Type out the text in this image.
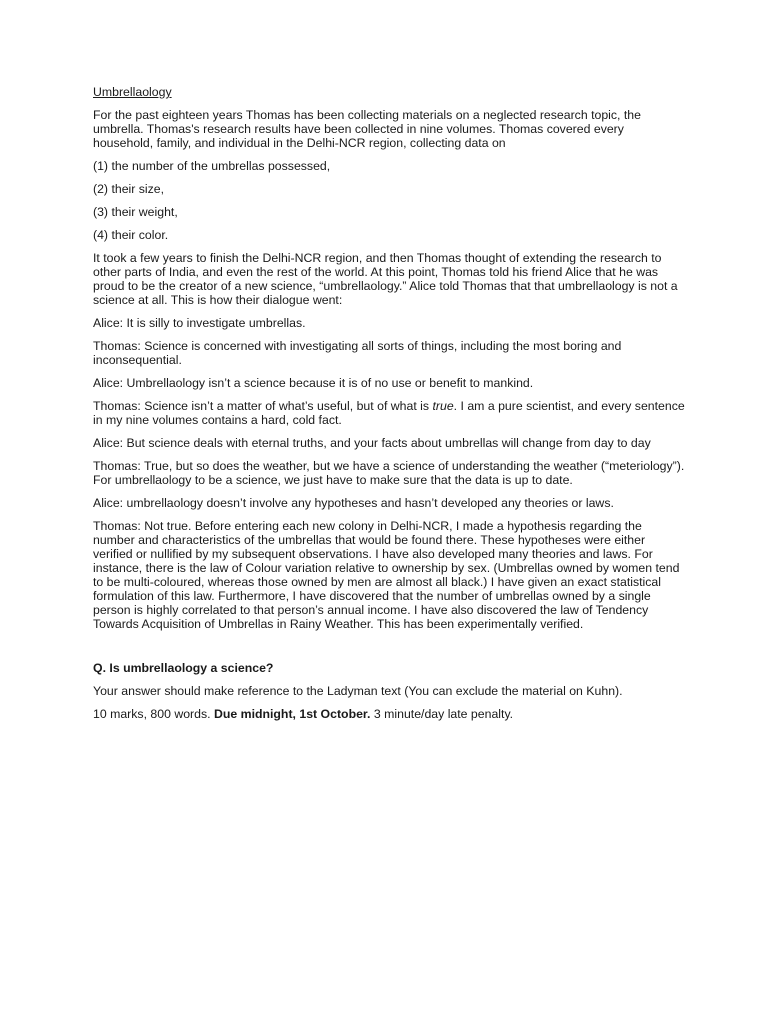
Umbrellaology

For the past eighteen years Thomas has been collecting materials on a neglected research topic, the umbrella. Thomas's research results have been collected in nine volumes. Thomas covered every household, family, and individual in the Delhi-NCR region, collecting data on

(1) the number of the umbrellas possessed,

(2) their size,

(3) their weight,

(4) their color.

It took a few years to finish the Delhi-NCR region, and then Thomas thought of extending the research to other parts of India, and even the rest of the world. At this point, Thomas told his friend Alice that he was proud to be the creator of a new science, “umbrellaology.” Alice told Thomas that that umbrellaology is not a science at all. This is how their dialogue went:

Alice: It is silly to investigate umbrellas.

Thomas: Science is concerned with investigating all sorts of things, including the most boring and inconsequential.

Alice: Umbrellaology isn’t a science because it is of no use or benefit to mankind.

Thomas: Science isn’t a matter of what’s useful, but of what is true. I am a pure scientist, and every sentence in my nine volumes contains a hard, cold fact.

Alice: But science deals with eternal truths, and your facts about umbrellas will change from day to day

Thomas: True, but so does the weather, but we have a science of understanding the weather (“meteriology”). For umbrellaology to be a science, we just have to make sure that the data is up to date.

Alice: umbrellaology doesn’t involve any hypotheses and hasn’t developed any theories or laws.

Thomas: Not true. Before entering each new colony in Delhi-NCR, I made a hypothesis regarding the number and characteristics of the umbrellas that would be found there. These hypotheses were either verified or nullified by my subsequent observations. I have also developed many theories and laws. For instance, there is the law of Colour variation relative to ownership by sex. (Umbrellas owned by women tend to be multi-coloured, whereas those owned by men are almost all black.) I have given an exact statistical formulation of this law. Furthermore, I have discovered that the number of umbrellas owned by a single person is highly correlated to that person’s annual income. I have also discovered the law of Tendency Towards Acquisition of Umbrellas in Rainy Weather. This has been experimentally verified.

Q. Is umbrellaology a science?

Your answer should make reference to the Ladyman text (You can exclude the material on Kuhn).

10 marks, 800 words. Due midnight, 1st October. 3 minute/day late penalty.
